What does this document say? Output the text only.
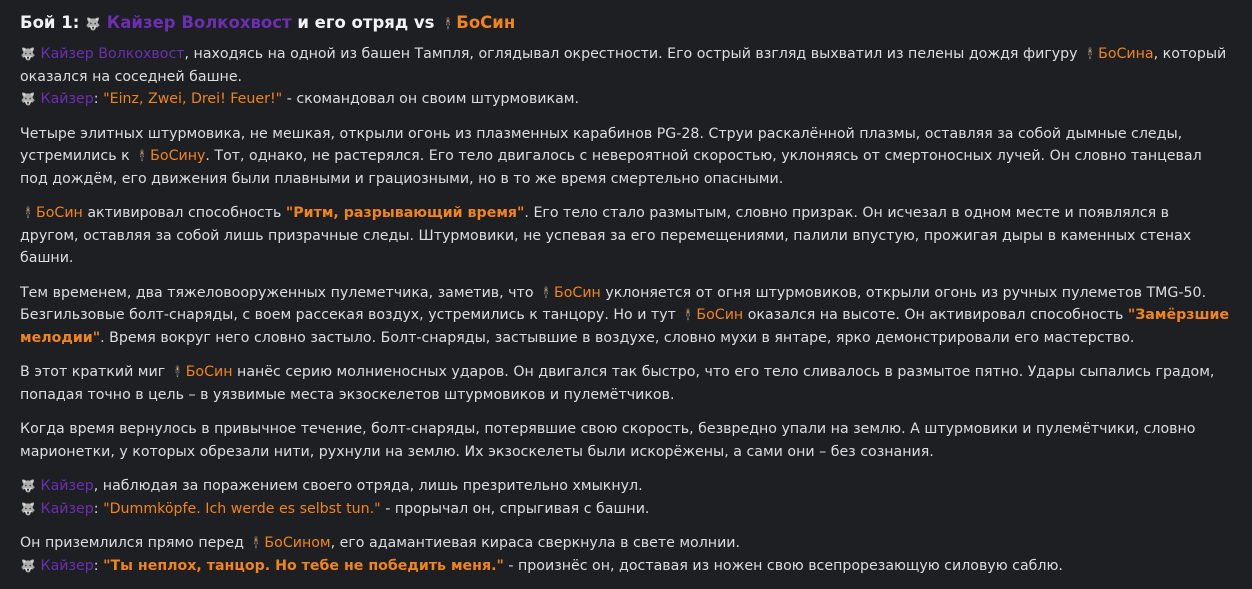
Бой 1: 🐺 Кайзер Волкохвост и его отряд vs 🕴БоСин

🐺 Кайзер Волкохвост, находясь на одной из башен Тампля, оглядывал окрестности. Его острый взгляд выхватил из пелены дождя фигуру 🕴БоСина, который оказался на соседней башне.
🐺 Кайзер: "Einz, Zwei, Drei! Feuer!" - скомандовал он своим штурмовикам.

Четыре элитных штурмовика, не мешкая, открыли огонь из плазменных карабинов PG-28. Струи раскалённой плазмы, оставляя за собой дымные следы, устремились к 🕴БоСину. Тот, однако, не растерялся. Его тело двигалось с невероятной скоростью, уклоняясь от смертоносных лучей. Он словно танцевал под дождём, его движения были плавными и грациозными, но в то же время смертельно опасными.

🕴БоСин активировал способность "Ритм, разрывающий время". Его тело стало размытым, словно призрак. Он исчезал в одном месте и появлялся в другом, оставляя за собой лишь призрачные следы. Штурмовики, не успевая за его перемещениями, палили впустую, прожигая дыры в каменных стенах башни.

Тем временем, два тяжеловооруженных пулеметчика, заметив, что 🕴БоСин уклоняется от огня штурмовиков, открыли огонь из ручных пулеметов TMG-50. Безгильзовые болт-снаряды, с воем рассекая воздух, устремились к танцору. Но и тут 🕴БоСин оказался на высоте. Он активировал способность "Замёрзшие мелодии". Время вокруг него словно застыло. Болт-снаряды, застывшие в воздухе, словно мухи в янтаре, ярко демонстрировали его мастерство.

В этот краткий миг 🕴БоСин нанёс серию молниеносных ударов. Он двигался так быстро, что его тело сливалось в размытое пятно. Удары сыпались градом, попадая точно в цель – в уязвимые места экзоскелетов штурмовиков и пулемётчиков.

Когда время вернулось в привычное течение, болт-снаряды, потерявшие свою скорость, безвредно упали на землю. А штурмовики и пулемётчики, словно марионетки, у которых обрезали нити, рухнули на землю. Их экзоскелеты были искорёжены, а сами они – без сознания.

🐺 Кайзер, наблюдая за поражением своего отряда, лишь презрительно хмыкнул.
🐺 Кайзер: "Dummköpfe. Ich werde es selbst tun." - прорычал он, спрыгивая с башни.

Он приземлился прямо перед 🕴БоСином, его адамантиевая кираса сверкнула в свете молнии.
🐺 Кайзер: "Ты неплох, танцор. Но тебе не победить меня." - произнёс он, доставая из ножен свою всепрорезающую силовую саблю.
